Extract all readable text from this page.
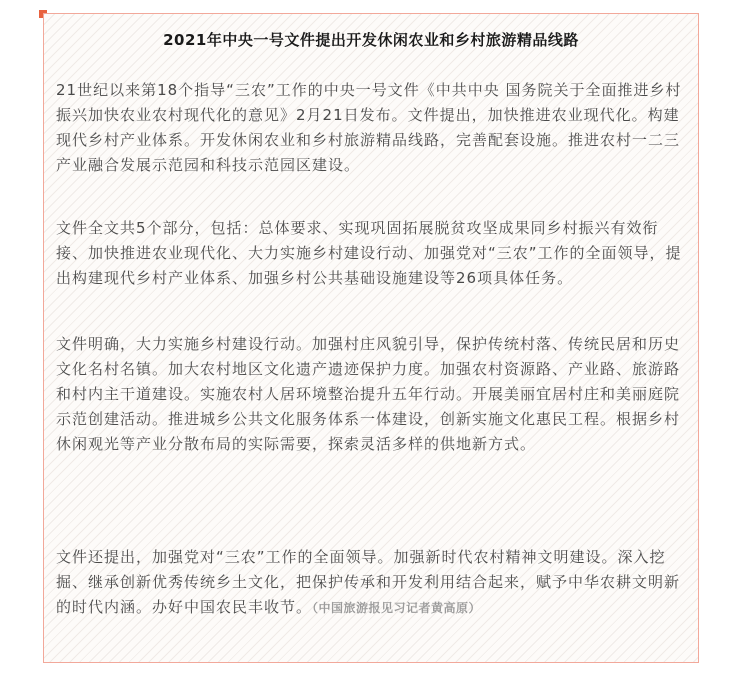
2021年中央一号文件提出开发休闲农业和乡村旅游精品线路

21世纪以来第18个指导“三农”工作的中央一号文件《中共中央 国务院关于全面推进乡村振兴加快农业农村现代化的意见》2月21日发布。文件提出，加快推进农业现代化。构建现代乡村产业体系。开发休闲农业和乡村旅游精品线路，完善配套设施。推进农村一二三产业融合发展示范园和科技示范园区建设。

文件全文共5个部分，包括：总体要求、实现巩固拓展脱贫攻坚成果同乡村振兴有效衔接、加快推进农业现代化、大力实施乡村建设行动、加强党对“三农”工作的全面领导，提出构建现代乡村产业体系、加强乡村公共基础设施建设等26项具体任务。

文件明确，大力实施乡村建设行动。加强村庄风貌引导，保护传统村落、传统民居和历史文化名村名镇。加大农村地区文化遗产遗迹保护力度。加强农村资源路、产业路、旅游路和村内主干道建设。实施农村人居环境整治提升五年行动。开展美丽宜居村庄和美丽庭院示范创建活动。推进城乡公共文化服务体系一体建设，创新实施文化惠民工程。根据乡村休闲观光等产业分散布局的实际需要，探索灵活多样的供地新方式。

文件还提出，加强党对“三农”工作的全面领导。加强新时代农村精神文明建设。深入挖掘、继承创新优秀传统乡土文化，把保护传承和开发利用结合起来，赋予中华农耕文明新的时代内涵。办好中国农民丰收节。（中国旅游报见习记者黄高原）
